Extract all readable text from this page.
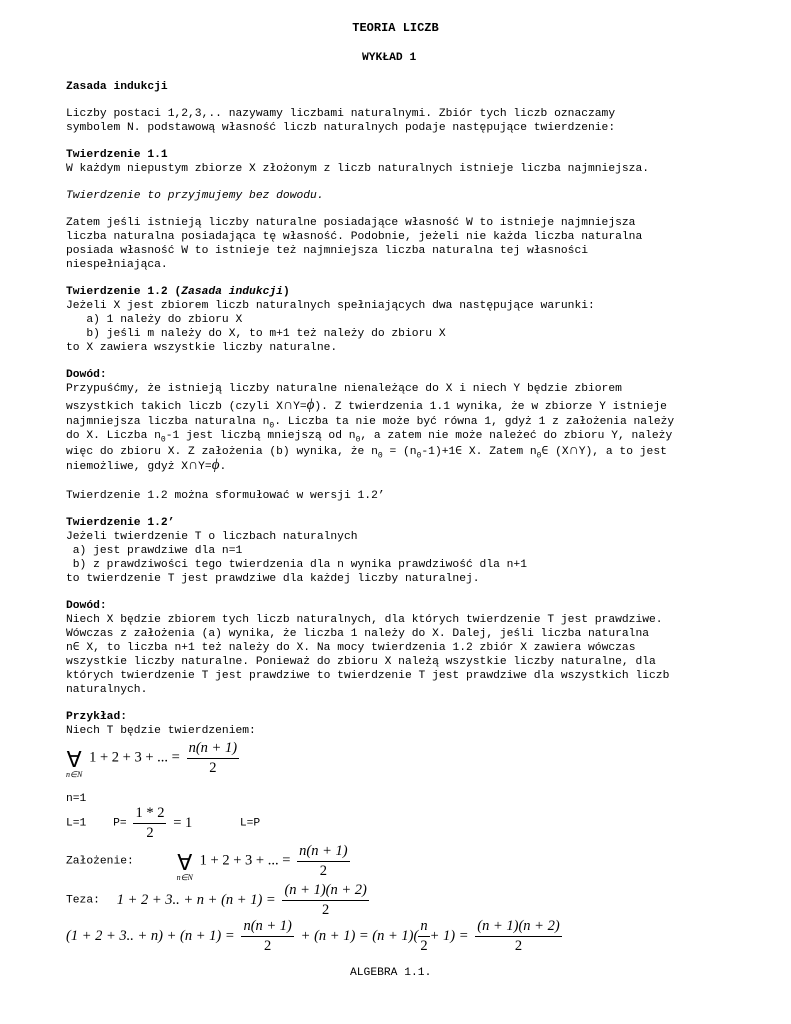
TEORIA LICZB
WYKŁAD 1
Zasada indukcji
Liczby postaci 1,2,3,.. nazywamy liczbami naturalnymi. Zbiór tych liczb oznaczamy
symbolem N. podstawową własność liczb naturalnych podaje następujące twierdzenie:
Twierdzenie 1.1
W każdym niepustym zbiorze X złożonym z liczb naturalnych istnieje liczba najmniejsza.
Twierdzenie to przyjmujemy bez dowodu.
Zatem jeśli istnieją liczby naturalne posiadające własność W to istnieje najmniejsza
liczba naturalna posiadająca tę własność. Podobnie, jeżeli nie każda liczba naturalna
posiada własność W to istnieje też najmniejsza liczba naturalna tej własności
niespełniająca.
Twierdzenie 1.2 (Zasada indukcji)
Jeżeli X jest zbiorem liczb naturalnych spełniających dwa następujące warunki:
a) 1 należy do zbioru X
b) jeśli m należy do X, to m+1 też należy do zbioru X
to X zawiera wszystkie liczby naturalne.
Dowód:
Przypuśćmy, że istnieją liczby naturalne nienależące do X i niech Y będzie zbiorem
wszystkich takich liczb (czyli X∩Y=ϕ). Z twierdzenia 1.1 wynika, że w zbiorze Y istnieje
najmniejsza liczba naturalna $n_0$. Liczba ta nie może być równa 1, gdyż 1 z założenia należy
do X. Liczba $n_0-1$ jest liczbą mniejszą od $n_0$, a zatem nie może należeć do zbioru Y, należy
więc do zbioru X. Z założenia (b) wynika, że $n_0$ = $(n_0-1)+1\in$ X. Zatem $n_0\in$ (X∩Y), a to jest
niemożliwe, gdyż X∩Y=ϕ.
Twierdzenie 1.2 można sformułować w wersji 1.2’
Twierdzenie 1.2’
Jeżeli twierdzenie T o liczbach naturalnych
a) jest prawdziwe dla n=1
b) z prawdziwości tego twierdzenia dla n wynika prawdziwość dla n+1
to twierdzenie T jest prawdziwe dla każdej liczby naturalnej.
Dowód:
Niech X będzie zbiorem tych liczb naturalnych, dla których twierdzenie T jest prawdziwe.
Wówczas z założenia (a) wynika, że liczba 1 należy do X. Dalej, jeśli liczba naturalna
n∈ X, to liczba n+1 też należy do X. Na mocy twierdzenia 1.2 zbiór X zawiera wówczas
wszystkie liczby naturalne. Ponieważ do zbioru X należą wszystkie liczby naturalne, dla
których twierdzenie T jest prawdziwe to twierdzenie T jest prawdziwe dla wszystkich liczb
naturalnych.
Przykład:
Niech T będzie twierdzeniem:
∀
n∈N
1 + 2 + 3 + ... = $\frac{n(n + 1)}{2}$
n=1
L=1 $P= \frac{1 * 2}{2} = 1$	L=P
Założenie: ∀
n∈N
1 + 2 + 3 + ... = $\frac{n(n + 1)}{2}$
Teza: 1 + 2 + 3.. + $n + (n + 1) = \frac{(n + 1)(n + 2)}{2}$
(1 + 2 + 3.. + $n) + (n + 1) = \frac{n(n + 1)}{2} + (n + 1) = (n + 1)( \frac{n}{2} + 1) = \frac{(n + 1)(n + 2)}{2}$
ALGEBRA 1.1.
